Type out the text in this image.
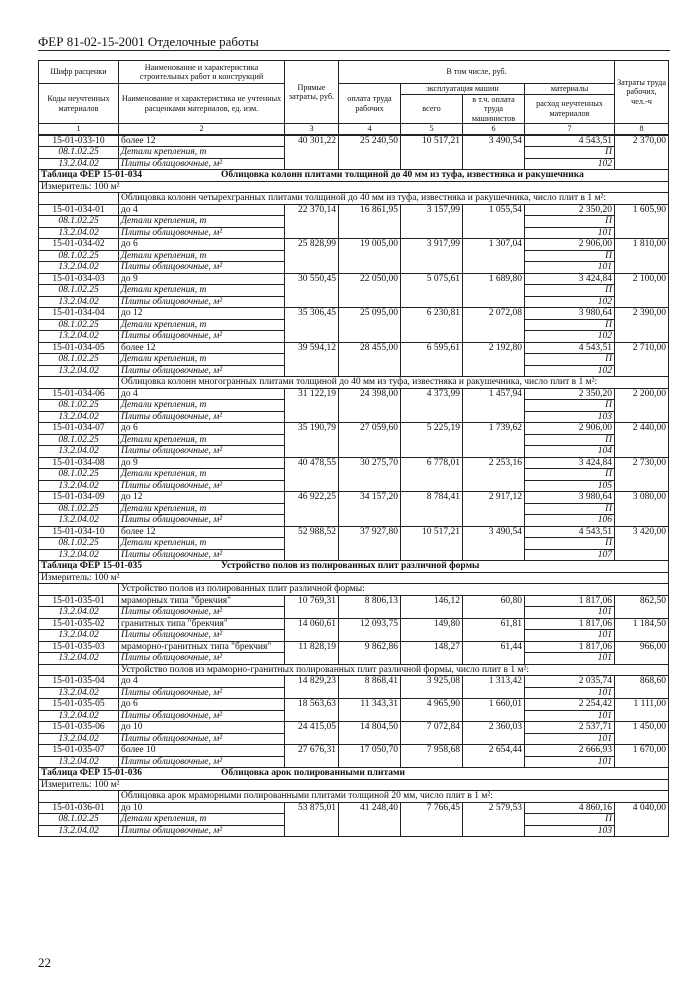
ФЕР 81-02-15-2001 Отделочные работы
Шифр расценки	Наименование и характеристика строительных работ и конструкций	Прямые затраты, руб.	В том числе, руб.				Затраты труда рабочих, чел.-ч
Коды неучтенных материалов	Наименование и характеристика не учтенных расценками материалов, ед. изм.		оплата труда рабочих	эксплуатация машин		материалы	
				всего	в т.ч. оплата труда машинистов	расход неучтенных материалов	
1	2	3	4	5	6	7	8
15-01-033-10	более 12	40 301,22	25 240,50	10 517,21	3 490,54	4 543,51	2 370,00
08.1.02.25	Детали крепления, т					П	
13.2.04.02	Плиты облицовочные, м²					102	
Таблица ФЕР 15-01-034 Облицовка колонн плитами толщиной до 40 мм из туфа, известняка и ракушечника							
Измеритель: 100 м²							
	Облицовка колонн четырехгранных плитами толщиной до 40 мм из туфа, известняка и ракушечника, число плит в 1 м²:						
15-01-034-01	до 4	22 370,14	16 861,95	3 157,99	1 055,54	2 350,20	1 605,90
08.1.02.25	Детали крепления, т					П	
13.2.04.02	Плиты облицовочные, м²					101	
15-01-034-02	до 6	25 828,99	19 005,00	3 917,99	1 307,04	2 906,00	1 810,00
08.1.02.25	Детали крепления, т					П	
13.2.04.02	Плиты облицовочные, м²					101	
15-01-034-03	до 9	30 550,45	22 050,00	5 075,61	1 689,80	3 424,84	2 100,00
08.1.02.25	Детали крепления, т					П	
13.2.04.02	Плиты облицовочные, м²					102	
15-01-034-04	до 12	35 306,45	25 095,00	6 230,81	2 072,08	3 980,64	2 390,00
08.1.02.25	Детали крепления, т					П	
13.2.04.02	Плиты облицовочные, м²					102	
15-01-034-05	более 12	39 594,12	28 455,00	6 595,61	2 192,80	4 543,51	2 710,00
08.1.02.25	Детали крепления, т					П	
13.2.04.02	Плиты облицовочные, м²					102	
	Облицовка колонн многогранных плитами толщиной до 40 мм из туфа, известняка и ракушечника, число плит в 1 м²:						
15-01-034-06	до 4	31 122,19	24 398,00	4 373,99	1 457,94	2 350,20	2 200,00
08.1.02.25	Детали крепления, т					П	
13.2.04.02	Плиты облицовочные, м²					103	
15-01-034-07	до 6	35 190,79	27 059,60	5 225,19	1 739,62	2 906,00	2 440,00
08.1.02.25	Детали крепления, т					П	
13.2.04.02	Плиты облицовочные, м²					104	
15-01-034-08	до 9	40 478,55	30 275,70	6 778,01	2 253,16	3 424,84	2 730,00
08.1.02.25	Детали крепления, т					П	
13.2.04.02	Плиты облицовочные, м²					105	
15-01-034-09	до 12	46 922,25	34 157,20	8 784,41	2 917,12	3 980,64	3 080,00
08.1.02.25	Детали крепления, т					П	
13.2.04.02	Плиты облицовочные, м²					106	
15-01-034-10	более 12	52 988,52	37 927,80	10 517,21	3 490,54	4 543,51	3 420,00
08.1.02.25	Детали крепления, т					П	
13.2.04.02	Плиты облицовочные, м²					107	
Таблица ФЕР 15-01-035 Устройство полов из полированных плит различной формы							
Измеритель: 100 м²							
	Устройство полов из полированных плит различной формы:						
15-01-035-01	мраморных типа "брекчия"	10 769,31	8 806,13	146,12	60,80	1 817,06	862,50
13.2.04.02	Плиты облицовочные, м²					101	
15-01-035-02	гранитных типа "брекчия"	14 060,61	12 093,75	149,80	61,81	1 817,06	1 184,50
13.2.04.02	Плиты облицовочные, м²					101	
15-01-035-03	мраморно-гранитных типа "брекчия"	11 828,19	9 862,86	148,27	61,44	1 817,06	966,00
13.2.04.02	Плиты облицовочные, м²					101	
	Устройство полов из мраморно-гранитных полированных плит различной формы, число плит в 1 м²:						
15-01-035-04	до 4	14 829,23	8 868,41	3 925,08	1 313,42	2 035,74	868,60
13.2.04.02	Плиты облицовочные, м²					101	
15-01-035-05	до 6	18 563,63	11 343,31	4 965,90	1 660,01	2 254,42	1 111,00
13.2.04.02	Плиты облицовочные, м²					101	
15-01-035-06	до 10	24 415,05	14 804,50	7 072,84	2 360,03	2 537,71	1 450,00
13.2.04.02	Плиты облицовочные, м²					101	
15-01-035-07	более 10	27 676,31	17 050,70	7 958,68	2 654,44	2 666,93	1 670,00
13.2.04.02	Плиты облицовочные, м²					101	
Таблица ФЕР 15-01-036 Облицовка арок полированными плитами							
Измеритель: 100 м²							
	Облицовка арок мраморными полированными плитами толщиной 20 мм, число плит в 1 м²:						
15-01-036-01	до 10	53 875,01	41 248,40	7 766,45	2 579,53	4 860,16	4 040,00
08.1.02.25	Детали крепления, т					П	
13.2.04.02	Плиты облицовочные, м²					103	
22
